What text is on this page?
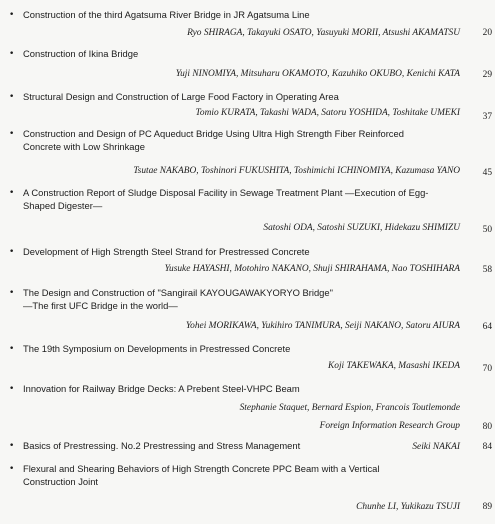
• Construction of the third Agatsuma River Bridge in JR Agatsuma Line
Ryo SHIRAGA, Takayuki OSATO, Yasuyuki MORII, Atsushi AKAMATSU	20
• Construction of Ikina Bridge
Yuji NINOMIYA, Mitsuharu OKAMOTO, Kazuhiko OKUBO, Kenichi KATA	29
• Structural Design and Construction of Large Food Factory in Operating Area
Tomio KURATA, Takashi WADA, Satoru YOSHIDA, Toshitake UMEKI	37
• Construction and Design of PC Aqueduct Bridge Using Ultra High Strength Fiber Reinforced
Concrete with Low Shrinkage
Tsutae NAKABO, Toshinori FUKUSHITA, Toshimichi ICHINOMIYA, Kazumasa YANO	45
• A Construction Report of Sludge Disposal Facility in Sewage Treatment Plant —Execution of Egg-
Shaped Digester—
Satoshi ODA, Satoshi SUZUKI, Hidekazu SHIMIZU	50
• Development of High Strength Steel Strand for Prestressed Concrete
Yusuke HAYASHI, Motohiro NAKANO, Shuji SHIRAHAMA, Nao TOSHIHARA	58
• The Design and Construction of "Sangirail KAYOUGAWAKYORYO Bridge"
—The first UFC Bridge in the world—
Yohei MORIKAWA, Yukihiro TANIMURA, Seiji NAKANO, Satoru AIURA	64
• The 19th Symposium on Developments in Prestressed Concrete
Koji TAKEWAKA, Masashi IKEDA	70
• Innovation for Railway Bridge Decks: A Prebent Steel-VHPC Beam
Stephanie Staquet, Bernard Espion, Francois Toutlemonde
Foreign Information Research Group	80
• Basics of Prestressing. No.2 Prestressing and Stress Management	Seiki NAKAI	84
• Flexural and Shearing Behaviors of High Strength Concrete PPC Beam with a Vertical
Construction Joint
Chunhe LI, Yukikazu TSUJI	89
